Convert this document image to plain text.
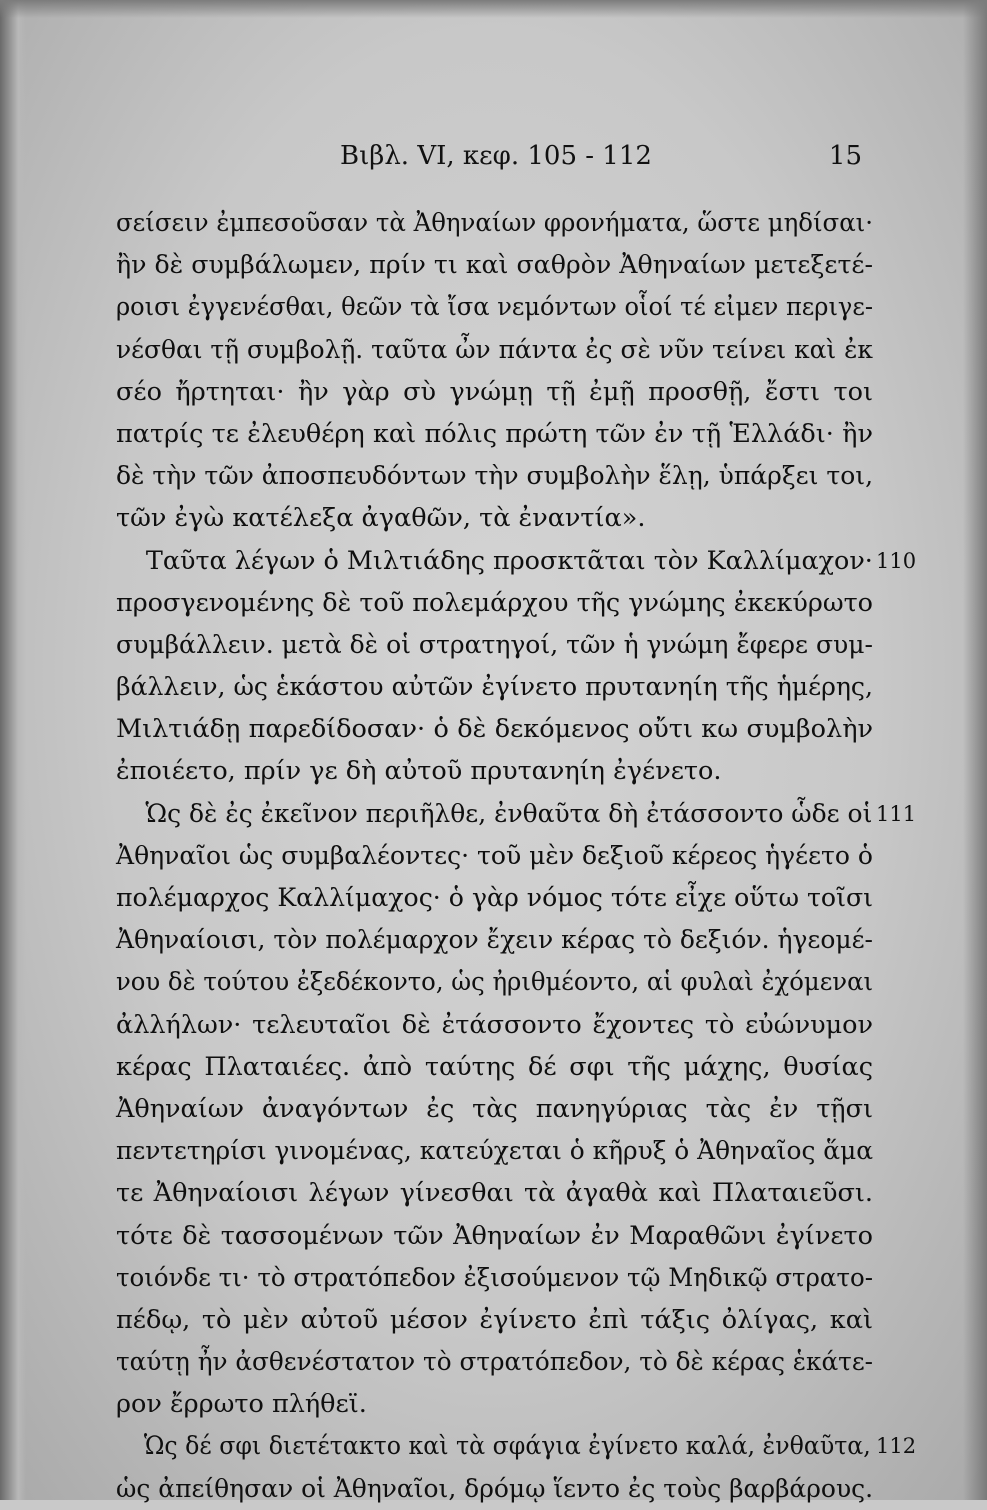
Βιβλ. VI, κεφ. 105 - 112	15
σείσειν ἐμπεσοῦσαν τὰ Ἀθηναίων φρονήματα, ὥστε μηδίσαι·
ἢν δὲ συμβάλωμεν, πρίν τι καὶ σαθρὸν Ἀθηναίων μετεξετέ-
ροισι ἐγγενέσθαι, θεῶν τὰ ἴσα νεμόντων οἷοί τέ εἰμεν περιγε-
νέσθαι τῇ συμβολῇ. ταῦτα ὦν πάντα ἐς σὲ νῦν τείνει καὶ ἐκ
σέο ἤρτηται· ἢν γὰρ σὺ γνώμῃ τῇ ἐμῇ προσθῇ, ἔστι τοι
πατρίς τε ἐλευθέρη καὶ πόλις πρώτη τῶν ἐν τῇ Ἑλλάδι· ἢν
δὲ τὴν τῶν ἀποσπευδόντων τὴν συμβολὴν ἕλῃ, ὑπάρξει τοι,
τῶν ἐγὼ κατέλεξα ἀγαθῶν, τὰ ἐναντία».
Ταῦτα λέγων ὁ Μιλτιάδης προσκτᾶται τὸν Καλλίμαχον· 110
προσγενομένης δὲ τοῦ πολεμάρχου τῆς γνώμης ἐκεκύρωτο
συμβάλλειν. μετὰ δὲ οἱ στρατηγοί, τῶν ἡ γνώμη ἔφερε συμ-
βάλλειν, ὡς ἑκάστου αὐτῶν ἐγίνετο πρυτανηίη τῆς ἡμέρης,
Μιλτιάδῃ παρεδίδοσαν· ὁ δὲ δεκόμενος οὔτι κω συμβολὴν
ἐποιέετο, πρίν γε δὴ αὐτοῦ πρυτανηίη ἐγένετο.
Ὡς δὲ ἐς ἐκεῖνον περιῆλθε, ἐνθαῦτα δὴ ἐτάσσοντο ὧδε οἱ 111
Ἀθηναῖοι ὡς συμβαλέοντες· τοῦ μὲν δεξιοῦ κέρεος ἡγέετο ὁ
πολέμαρχος Καλλίμαχος· ὁ γὰρ νόμος τότε εἶχε οὕτω τοῖσι
Ἀθηναίοισι, τὸν πολέμαρχον ἔχειν κέρας τὸ δεξιόν. ἡγεομέ-
νου δὲ τούτου ἐξεδέκοντο, ὡς ἠριθμέοντο, αἱ φυλαὶ ἐχόμεναι
ἀλλήλων· τελευταῖοι δὲ ἐτάσσοντο ἔχοντες τὸ εὐώνυμον
κέρας Πλαταιέες. ἀπὸ ταύτης δέ σφι τῆς μάχης, θυσίας
Ἀθηναίων ἀναγόντων ἐς τὰς πανηγύριας τὰς ἐν τῇσι
πεντετηρίσι γινομένας, κατεύχεται ὁ κῆρυξ ὁ Ἀθηναῖος ἅμα
τε Ἀθηναίοισι λέγων γίνεσθαι τὰ ἀγαθὰ καὶ Πλαταιεῦσι.
τότε δὲ τασσομένων τῶν Ἀθηναίων ἐν Μαραθῶνι ἐγίνετο
τοιόνδε τι· τὸ στρατόπεδον ἐξισούμενον τῷ Μηδικῷ στρατο-
πέδῳ, τὸ μὲν αὐτοῦ μέσον ἐγίνετο ἐπὶ τάξις ὀλίγας, καὶ
ταύτῃ ἦν ἀσθενέστατον τὸ στρατόπεδον, τὸ δὲ κέρας ἑκάτε-
ρον ἔρρωτο πλήθεϊ.
Ὡς δέ σφι διετέτακτο καὶ τὰ σφάγια ἐγίνετο καλά, ἐνθαῦτα, 112
ὡς ἀπείθησαν οἱ Ἀθηναῖοι, δρόμῳ ἵεντο ἐς τοὺς βαρβάρους.
